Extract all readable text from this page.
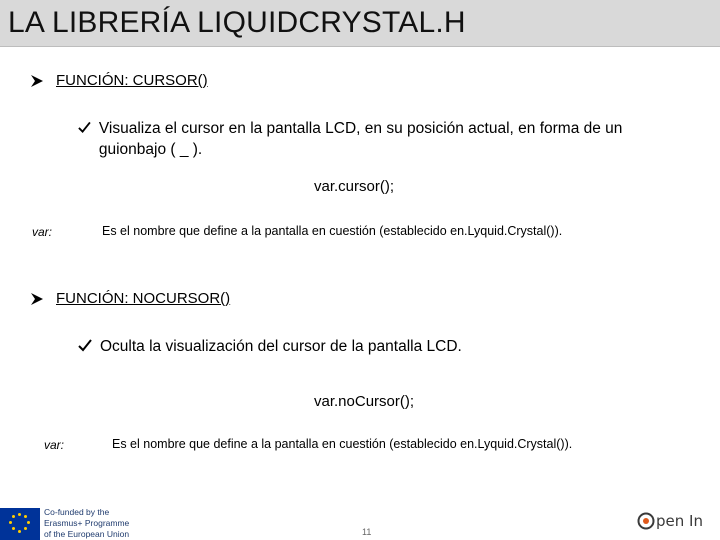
LA LIBRERÍA LIQUIDCRYSTAL.H
FUNCIÓN: CURSOR()
Visualiza el cursor en la pantalla LCD, en su posición actual, en forma de un guionbajo ( _ ).
var.cursor();
var:	Es el nombre que define a la pantalla en cuestión (establecido en.Lyquid.Crystal()).
FUNCIÓN: NOCURSOR()
Oculta la visualización del cursor de la pantalla LCD.
var.noCursor();
var:	Es el nombre que define a la pantalla en cuestión (establecido en.Lyquid.Crystal()).
Co-funded by the
Erasmus+ Programme
of the European Union	11
pen In
